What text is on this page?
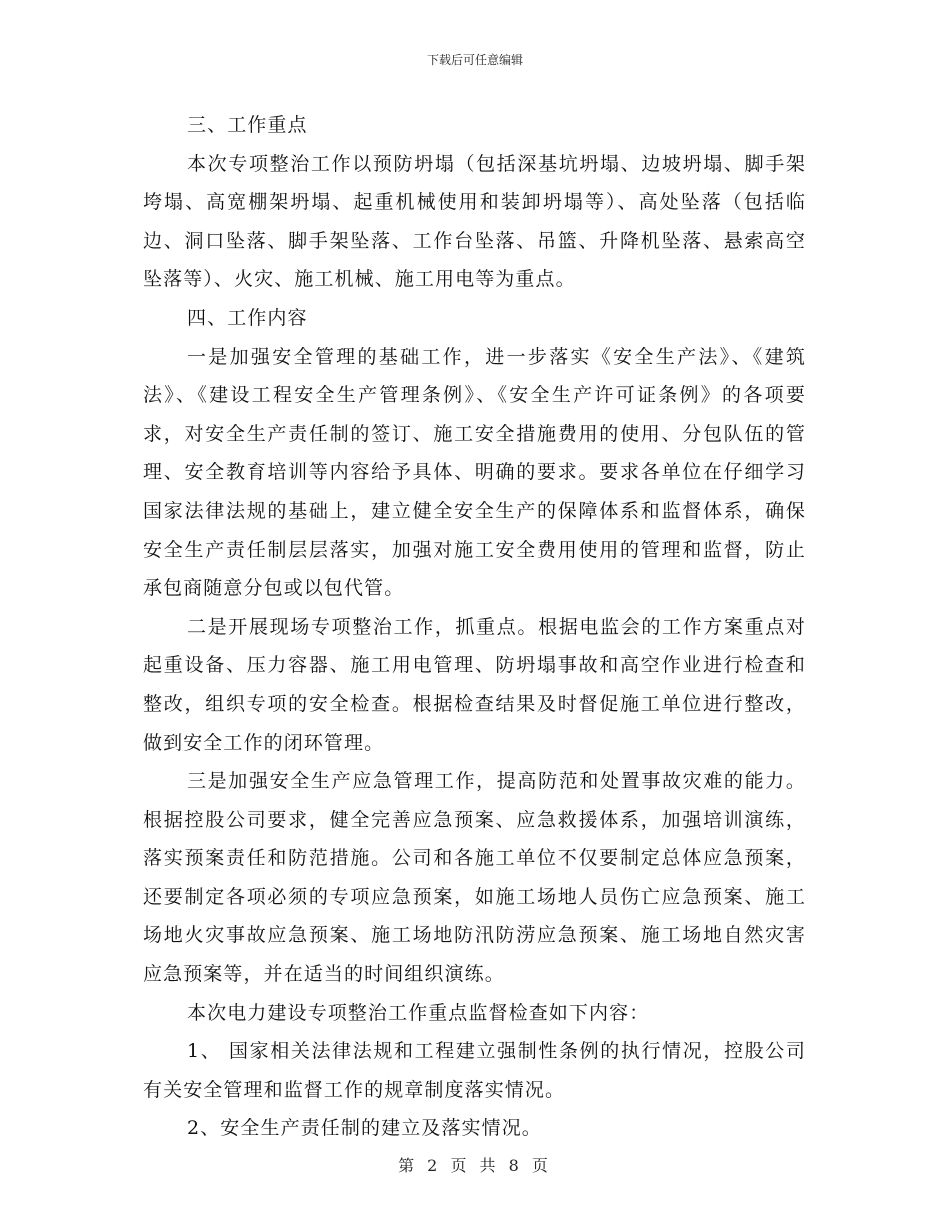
下载后可任意编辑

三、工作重点

本次专项整治工作以预防坍塌（包括深基坑坍塌、边坡坍塌、脚手架垮塌、高宽棚架坍塌、起重机械使用和装卸坍塌等）、高处坠落（包括临边、洞口坠落、脚手架坠落、工作台坠落、吊篮、升降机坠落、悬索高空坠落等）、火灾、施工机械、施工用电等为重点。

四、工作内容

一是加强安全管理的基础工作，进一步落实《安全生产法》、《建筑法》、《建设工程安全生产管理条例》、《安全生产许可证条例》的各项要求，对安全生产责任制的签订、施工安全措施费用的使用、分包队伍的管理、安全教育培训等内容给予具体、明确的要求。要求各单位在仔细学习国家法律法规的基础上，建立健全安全生产的保障体系和监督体系，确保安全生产责任制层层落实，加强对施工安全费用使用的管理和监督，防止承包商随意分包或以包代管。

二是开展现场专项整治工作，抓重点。根据电监会的工作方案重点对起重设备、压力容器、施工用电管理、防坍塌事故和高空作业进行检查和整改，组织专项的安全检查。根据检查结果及时督促施工单位进行整改，做到安全工作的闭环管理。

三是加强安全生产应急管理工作，提高防范和处置事故灾难的能力。根据控股公司要求，健全完善应急预案、应急救援体系，加强培训演练，落实预案责任和防范措施。公司和各施工单位不仅要制定总体应急预案，还要制定各项必须的专项应急预案，如施工场地人员伤亡应急预案、施工场地火灾事故应急预案、施工场地防汛防涝应急预案、施工场地自然灾害应急预案等，并在适当的时间组织演练。

本次电力建设专项整治工作重点监督检查如下内容：

1、 国家相关法律法规和工程建立强制性条例的执行情况，控股公司有关安全管理和监督工作的规章制度落实情况。

2、安全生产责任制的建立及落实情况。

第 2 页 共 8 页
